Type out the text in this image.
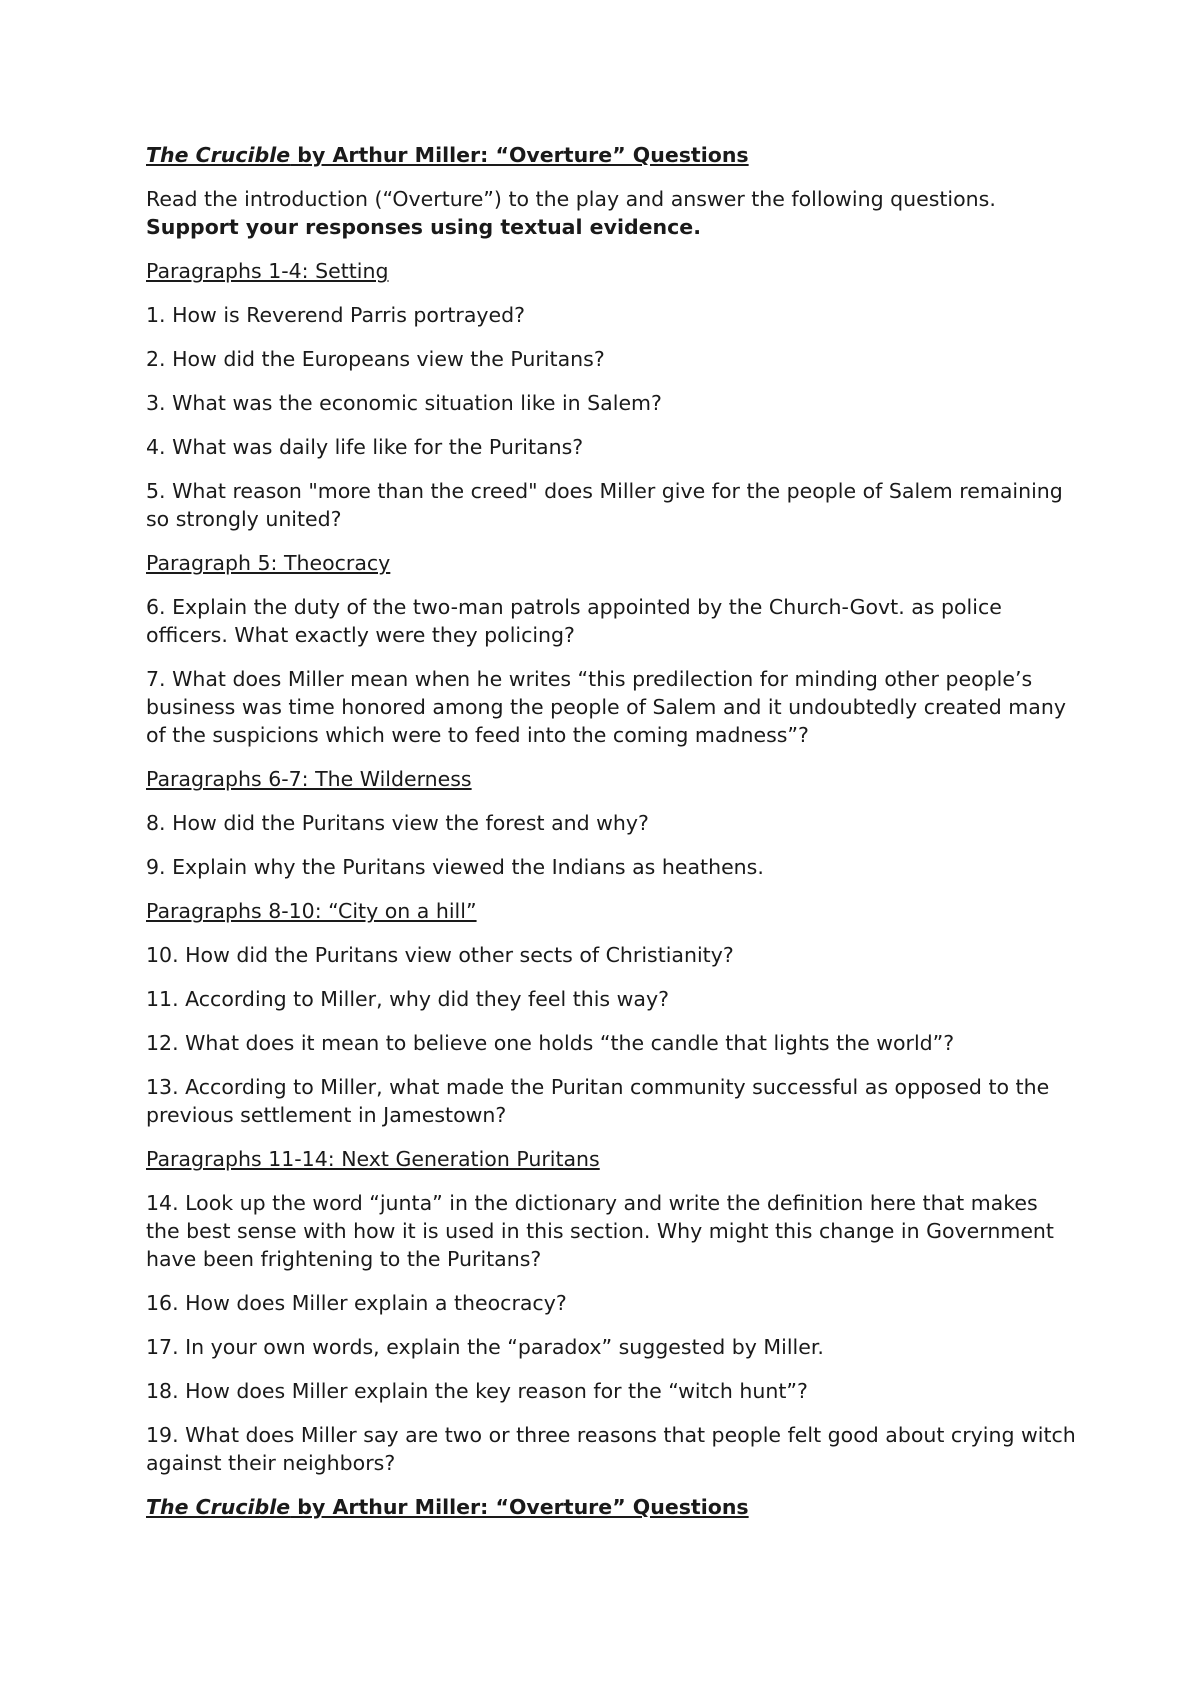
The Crucible by Arthur Miller: “Overture” Questions
Read the introduction (“Overture”) to the play and answer the following questions. Support your responses using textual evidence.
Paragraphs 1-4: Setting
1. How is Reverend Parris portrayed?
2. How did the Europeans view the Puritans?
3. What was the economic situation like in Salem?
4. What was daily life like for the Puritans?
5. What reason "more than the creed" does Miller give for the people of Salem remaining so strongly united?
Paragraph 5: Theocracy
6. Explain the duty of the two-man patrols appointed by the Church-Govt. as police officers. What exactly were they policing?
7. What does Miller mean when he writes “this predilection for minding other people’s business was time honored among the people of Salem and it undoubtedly created many of the suspicions which were to feed into the coming madness”?
Paragraphs 6-7: The Wilderness
8. How did the Puritans view the forest and why?
9. Explain why the Puritans viewed the Indians as heathens.
Paragraphs 8-10: “City on a hill”
10. How did the Puritans view other sects of Christianity?
11. According to Miller, why did they feel this way?
12. What does it mean to believe one holds “the candle that lights the world”?
13. According to Miller, what made the Puritan community successful as opposed to the previous settlement in Jamestown?
Paragraphs 11-14: Next Generation Puritans
14. Look up the word “junta” in the dictionary and write the definition here that makes the best sense with how it is used in this section. Why might this change in Government have been frightening to the Puritans?
16. How does Miller explain a theocracy?
17. In your own words, explain the “paradox” suggested by Miller.
18. How does Miller explain the key reason for the “witch hunt”?
19. What does Miller say are two or three reasons that people felt good about crying witch against their neighbors?
The Crucible by Arthur Miller: “Overture” Questions
